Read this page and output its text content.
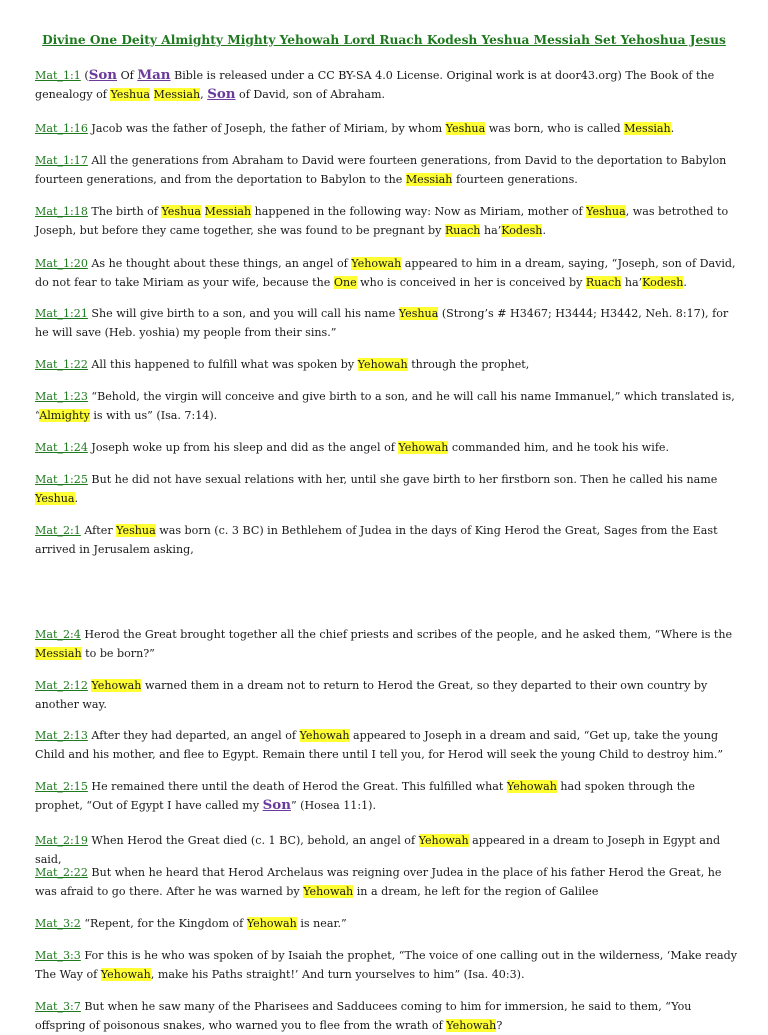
Divine One Deity Almighty Mighty Yehowah Lord Ruach Kodesh Yeshua Messiah Set Yehoshua Jesus

Mat_1:1 (Son Of Man Bible is released under a CC BY-SA 4.0 License. Original work is at door43.org) The Book of the genealogy of Yeshua Messiah, Son of David, son of Abraham.

Mat_1:16 Jacob was the father of Joseph, the father of Miriam, by whom Yeshua was born, who is called Messiah.

Mat_1:17 All the generations from Abraham to David were fourteen generations, from David to the deportation to Babylon fourteen generations, and from the deportation to Babylon to the Messiah fourteen generations.

Mat_1:18 The birth of Yeshua Messiah happened in the following way: Now as Miriam, mother of Yeshua, was betrothed to Joseph, but before they came together, she was found to be pregnant by Ruach ha’Kodesh.

Mat_1:20 As he thought about these things, an angel of Yehowah appeared to him in a dream, saying, “Joseph, son of David, do not fear to take Miriam as your wife, because the One who is conceived in her is conceived by Ruach ha’Kodesh.

Mat_1:21 She will give birth to a son, and you will call his name Yeshua (Strong’s # H3467; H3444; H3442, Neh. 8:17), for he will save (Heb. yoshia) my people from their sins.”

Mat_1:22 All this happened to fulfill what was spoken by Yehowah through the prophet,

Mat_1:23 “Behold, the virgin will conceive and give birth to a son, and he will call his name Immanuel,” which translated is, “Almighty is with us” (Isa. 7:14).

Mat_1:24 Joseph woke up from his sleep and did as the angel of Yehowah commanded him, and he took his wife.

Mat_1:25 But he did not have sexual relations with her, until she gave birth to her firstborn son. Then he called his name Yeshua.

Mat_2:1 After Yeshua was born (c. 3 BC) in Bethlehem of Judea in the days of King Herod the Great, Sages from the East arrived in Jerusalem asking,

Mat_2:4 Herod the Great brought together all the chief priests and scribes of the people, and he asked them, “Where is the Messiah to be born?”

Mat_2:12 Yehowah warned them in a dream not to return to Herod the Great, so they departed to their own country by another way.

Mat_2:13 After they had departed, an angel of Yehowah appeared to Joseph in a dream and said, “Get up, take the young Child and his mother, and flee to Egypt. Remain there until I tell you, for Herod will seek the young Child to destroy him.”

Mat_2:15 He remained there until the death of Herod the Great. This fulfilled what Yehowah had spoken through the prophet, “Out of Egypt I have called my Son” (Hosea 11:1).

Mat_2:19 When Herod the Great died (c. 1 BC), behold, an angel of Yehowah appeared in a dream to Joseph in Egypt and said,

Mat_2:22 But when he heard that Herod Archelaus was reigning over Judea in the place of his father Herod the Great, he was afraid to go there. After he was warned by Yehowah in a dream, he left for the region of Galilee

Mat_3:2 “Repent, for the Kingdom of Yehowah is near.”

Mat_3:3 For this is he who was spoken of by Isaiah the prophet, “The voice of one calling out in the wilderness, ‘Make ready The Way of Yehowah, make his Paths straight!’ And turn yourselves to him” (Isa. 40:3).

Mat_3:7 But when he saw many of the Pharisees and Sadducees coming to him for immersion, he said to them, “You offspring of poisonous snakes, who warned you to flee from the wrath of Yehowah?
